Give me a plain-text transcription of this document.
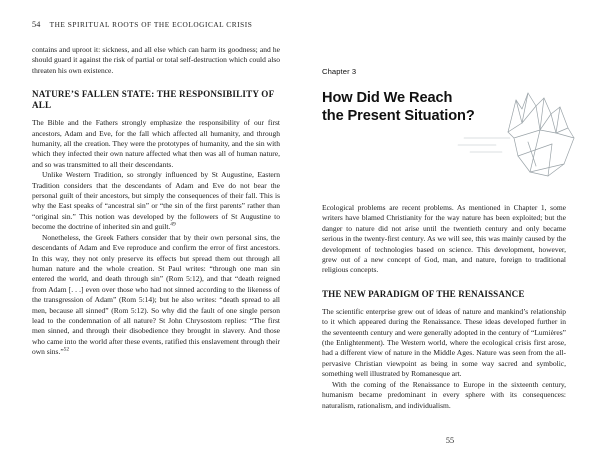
54 THE SPIRITUAL ROOTS OF THE ECOLOGICAL CRISIS

contains and uproot it: sickness, and all else which can harm its goodness; and he should guard it against the risk of partial or total self-destruction which could also threaten his own existence.

NATURE’S FALLEN STATE: THE RESPONSIBILITY OF ALL

The Bible and the Fathers strongly emphasize the responsibility of our first ancestors, Adam and Eve, for the fall which affected all humanity, and through humanity, all the creation. They were the prototypes of humanity, and the sin with which they infected their own nature affected what then was all of human nature, and so was transmitted to all their descendants.

Unlike Western Tradition, so strongly influenced by St Augustine, Eastern Tradition considers that the descendants of Adam and Eve do not bear the personal guilt of their ancestors, but simply the consequences of their fall. This is why the East speaks of “ancestral sin” or “the sin of the first parents” rather than “original sin.” This notion was developed by the followers of St Augustine to become the doctrine of inherited sin and guilt.$^{49}$

Nonetheless, the Greek Fathers consider that by their own personal sins, the descendants of Adam and Eve reproduce and confirm the error of first ancestors. In this way, they not only preserve its effects but spread them out through all human nature and the whole creation. St Paul writes: “through one man sin entered the world, and death through sin” (Rom 5:12), and that “death reigned from Adam [. . .] even over those who had not sinned according to the likeness of the transgression of Adam” (Rom 5:14); but he also writes: “death spread to all men, because all sinned” (Rom 5:12). So why did the fault of one single person lead to the condemnation of all nature? St John Chrysostom replies: “The first men sinned, and through their disobedience they brought in slavery. And those who came into the world after these events, ratified this enslavement through their own sins.”$^{52}$

Chapter 3
How Did We Reach
the Present Situation?

Ecological problems are recent problems. As mentioned in Chapter 1, some writers have blamed Christianity for the way nature has been exploited; but the danger to nature did not arise until the twentieth century and only became serious in the twenty-first century. As we will see, this was mainly caused by the development of technologies based on science. This development, however, grew out of a new concept of God, man, and nature, foreign to traditional religious concepts.

THE NEW PARADIGM OF THE RENAISSANCE

The scientific enterprise grew out of ideas of nature and mankind’s relationship to it which appeared during the Renaissance. These ideas developed further in the seventeenth century and were generally adopted in the century of “Lumières” (the Enlightenment). The Western world, where the ecological crisis first arose, had a different view of nature in the Middle Ages. Nature was seen from the all-pervasive Christian viewpoint as being in some way sacred and symbolic, something well illustrated by Romanesque art.

With the coming of the Renaissance to Europe in the sixteenth century, humanism became predominant in every sphere with its consequences: naturalism, rationalism, and individualism.

55
